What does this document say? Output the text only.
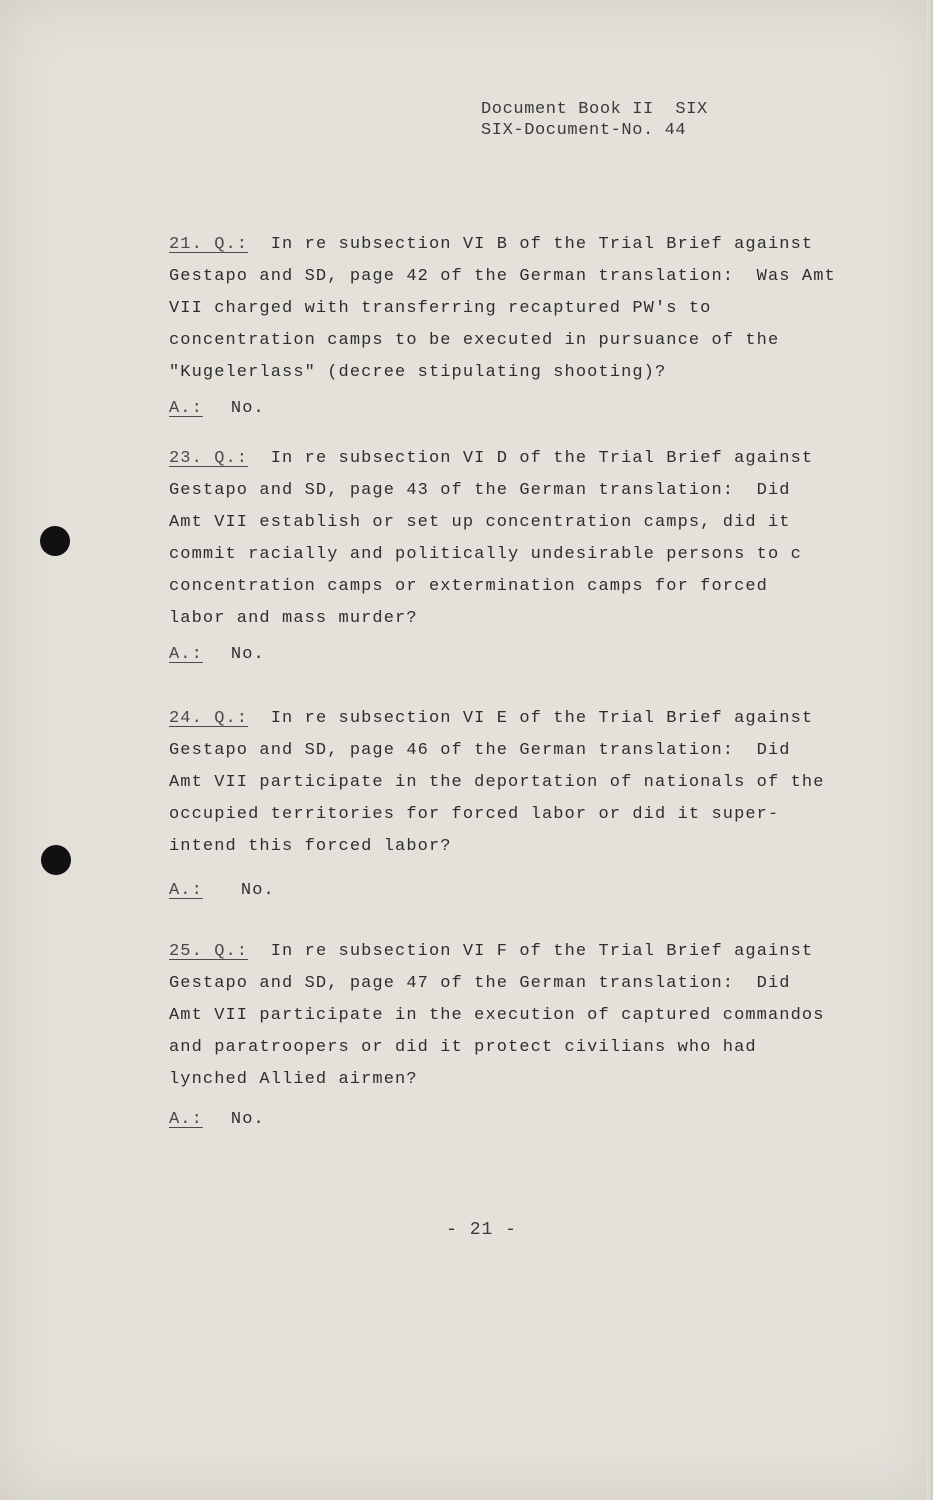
Document Book II  SIX
SIX-Document-No. 44
21. Q.: In re subsection VI B of the Trial Brief against
Gestapo and SD, page 42 of the German translation:  Was Amt
VII charged with transferring recaptured PW's to
concentration camps to be executed in pursuance of the
"Kugelerlass" (decree stipulating shooting)?
A.: No.
23. Q.: In re subsection VI D of the Trial Brief against
Gestapo and SD, page 43 of the German translation:  Did
Amt VII establish or set up concentration camps, did it
commit racially and politically undesirable persons to c
concentration camps or extermination camps for forced
labor and mass murder?
A.: No.
24. Q.: In re subsection VI E of the Trial Brief against
Gestapo and SD, page 46 of the German translation:  Did
Amt VII participate in the deportation of nationals of the
occupied territories for forced labor or did it super-
intend this forced labor?
A.: No.
25. Q.: In re subsection VI F of the Trial Brief against
Gestapo and SD, page 47 of the German translation:  Did
Amt VII participate in the execution of captured commandos
and paratroopers or did it protect civilians who had
lynched Allied airmen?
A.: No.
- 21 -
